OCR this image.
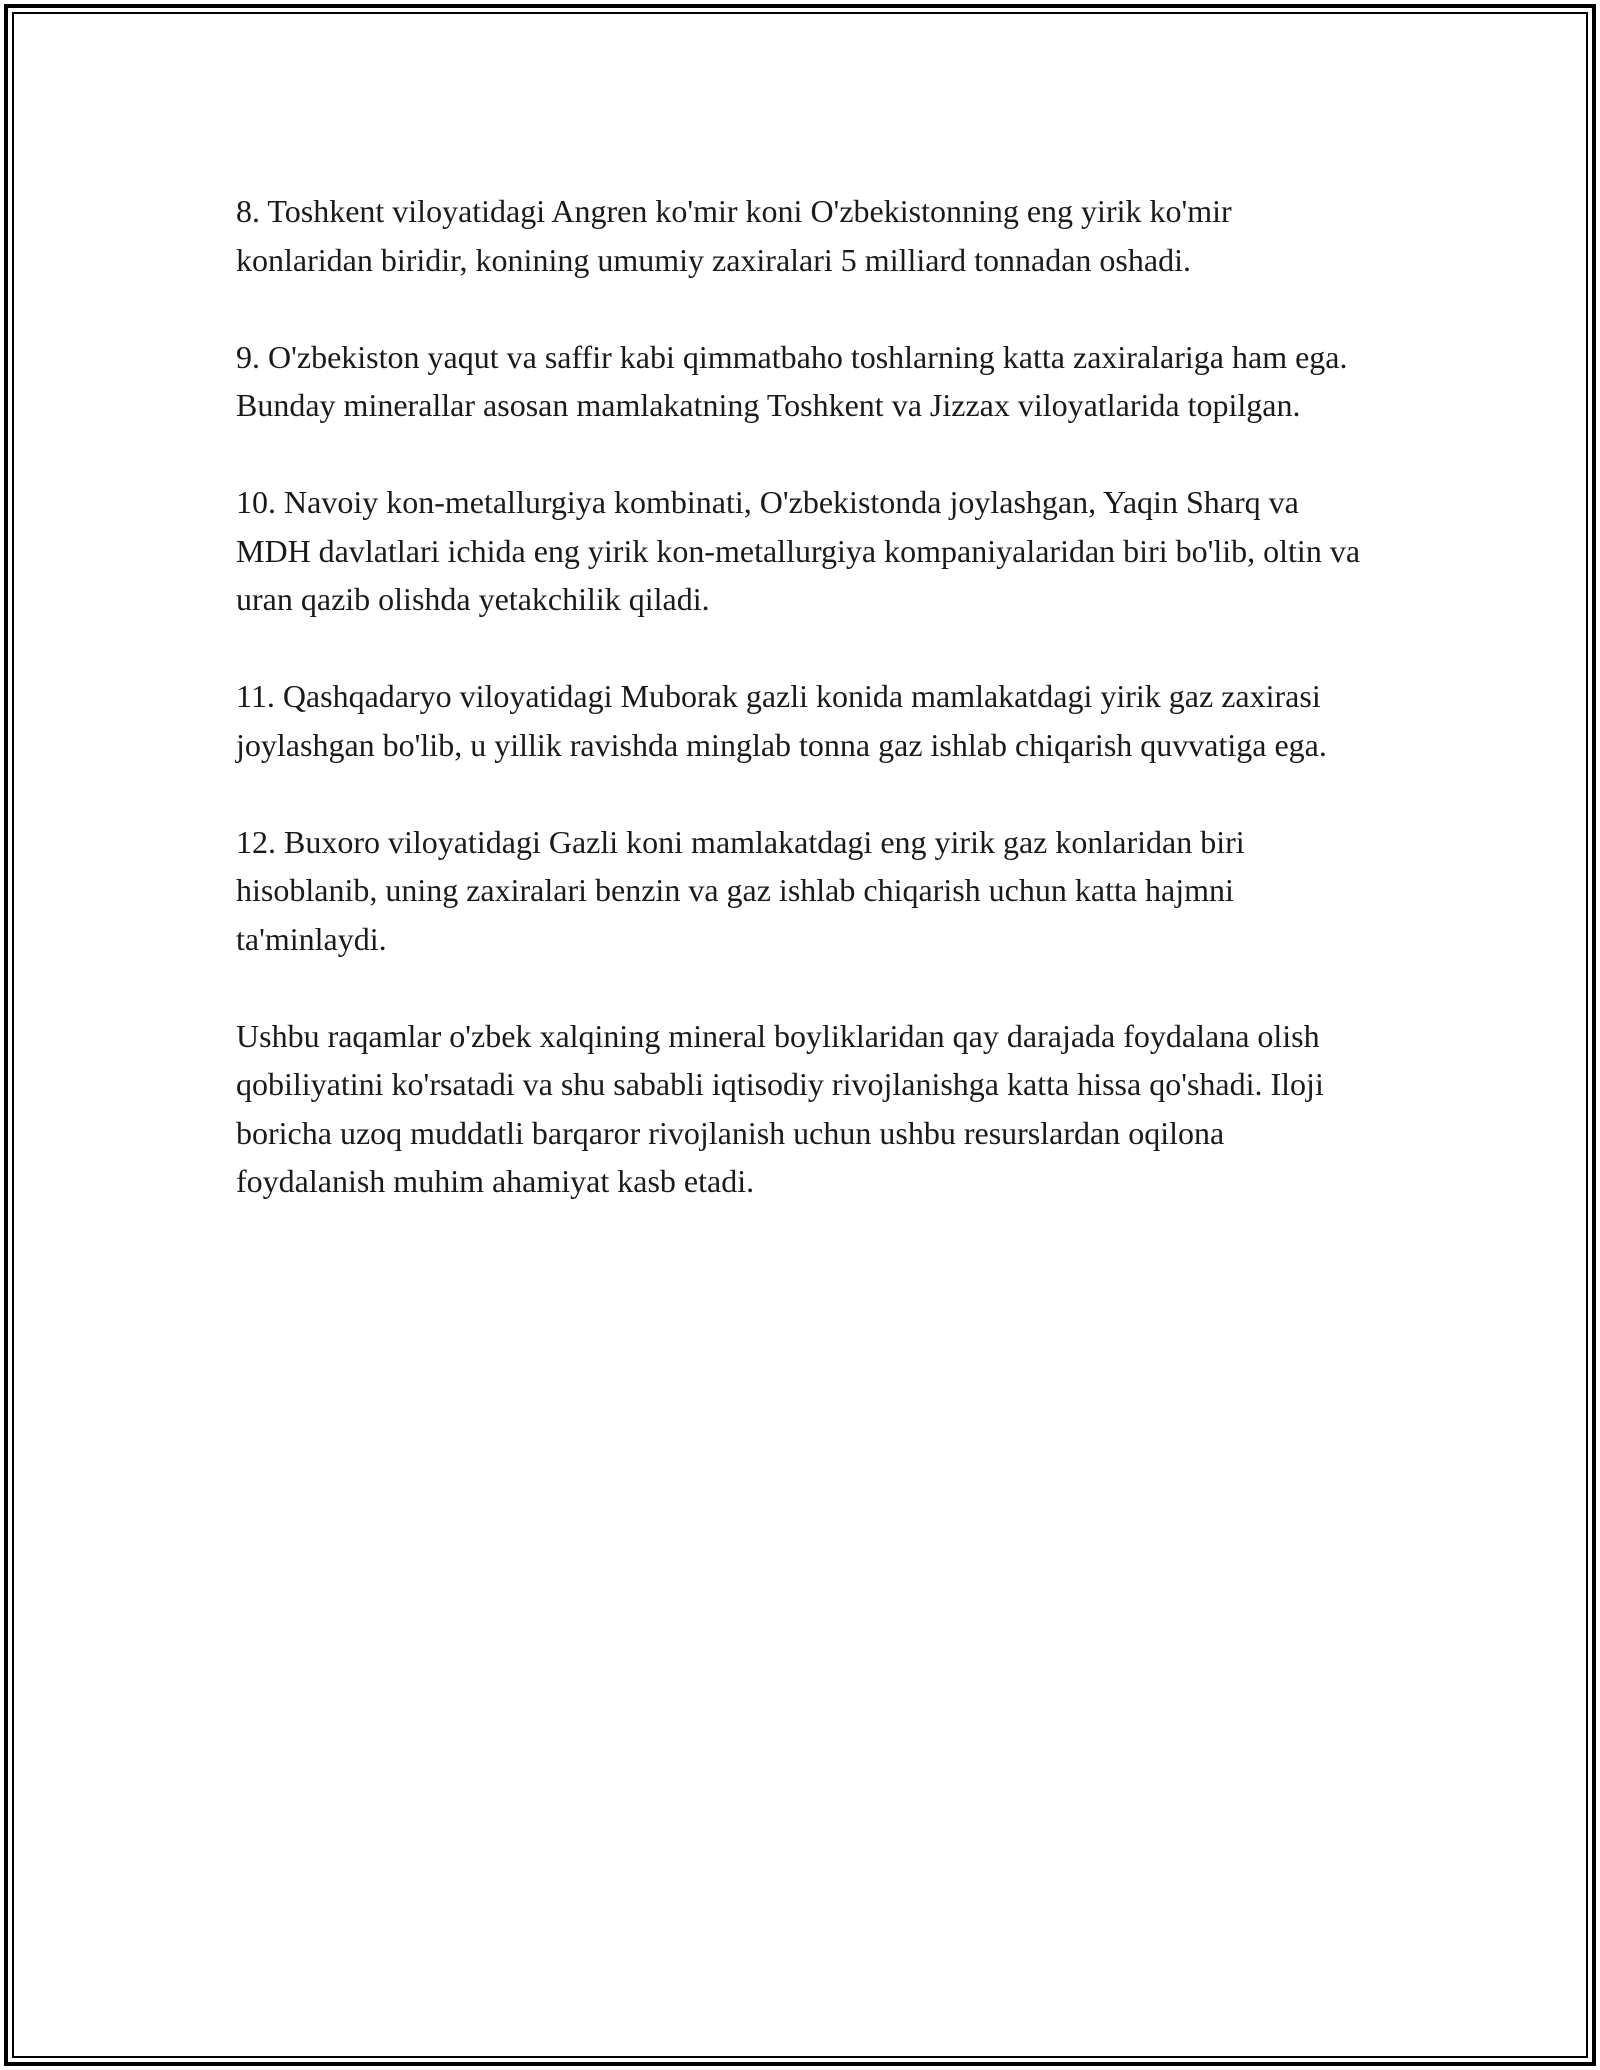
8. Toshkent viloyatidagi Angren ko'mir koni O'zbekistonning eng yirik ko'mir konlaridan biridir, konining umumiy zaxiralari 5 milliard tonnadan oshadi.

9. O'zbekiston yaqut va saffir kabi qimmatbaho toshlarning katta zaxiralariga ham ega. Bunday minerallar asosan mamlakatning Toshkent va Jizzax viloyatlarida topilgan.

10. Navoiy kon-metallurgiya kombinati, O'zbekistonda joylashgan, Yaqin Sharq va MDH davlatlari ichida eng yirik kon-metallurgiya kompaniyalaridan biri bo'lib, oltin va uran qazib olishda yetakchilik qiladi.

11. Qashqadaryo viloyatidagi Muborak gazli konida mamlakatdagi yirik gaz zaxirasi joylashgan bo'lib, u yillik ravishda minglab tonna gaz ishlab chiqarish quvvatiga ega.

12. Buxoro viloyatidagi Gazli koni mamlakatdagi eng yirik gaz konlaridan biri hisoblanib, uning zaxiralari benzin va gaz ishlab chiqarish uchun katta hajmni ta'minlaydi.

Ushbu raqamlar o'zbek xalqining mineral boyliklaridan qay darajada foydalana olish qobiliyatini ko'rsatadi va shu sababli iqtisodiy rivojlanishga katta hissa qo'shadi. Iloji boricha uzoq muddatli barqaror rivojlanish uchun ushbu resurslardan oqilona foydalanish muhim ahamiyat kasb etadi.
